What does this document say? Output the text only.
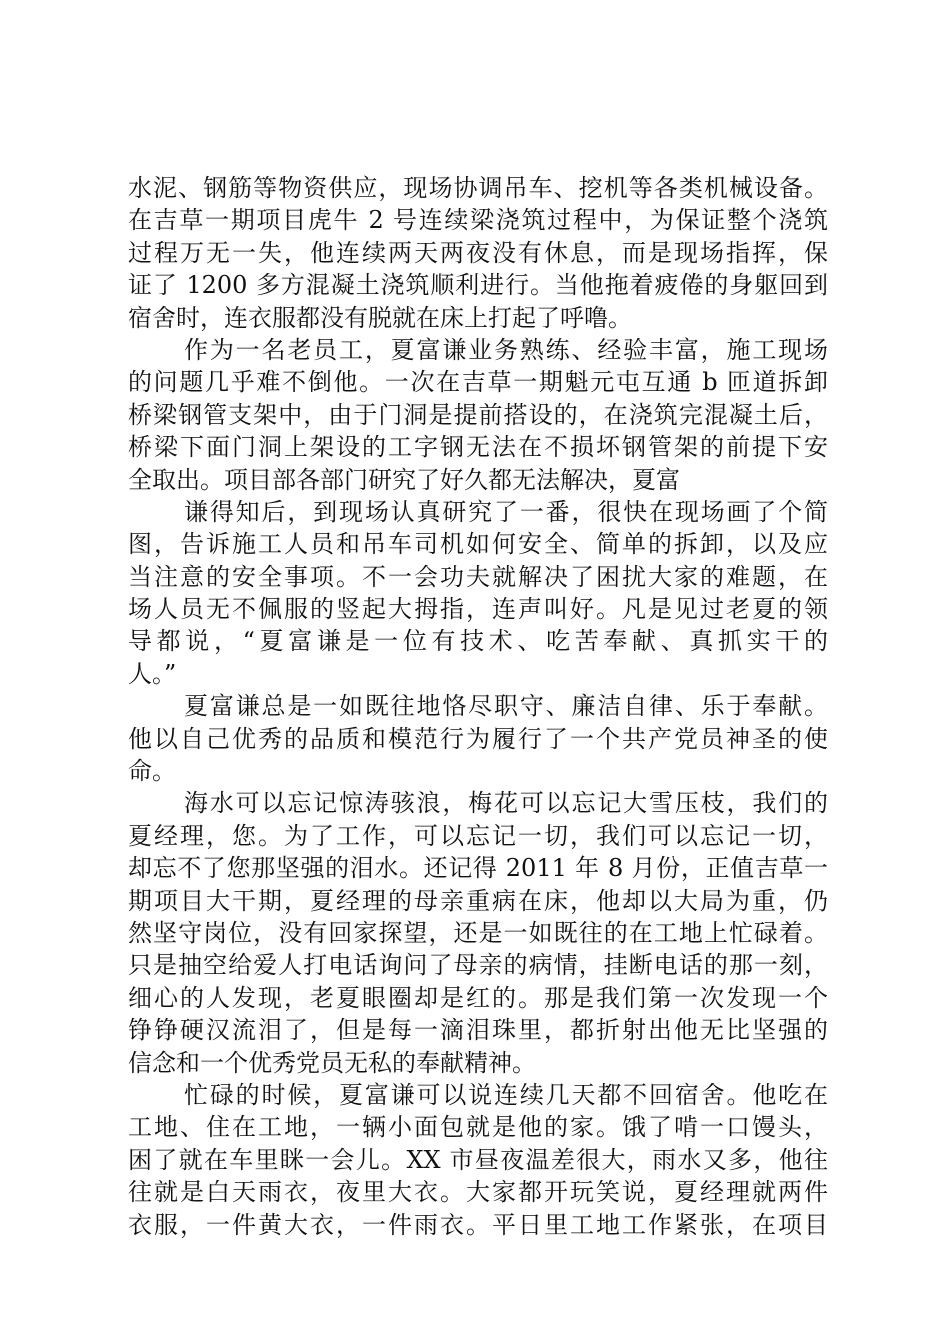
水泥、钢筋等物资供应，现场协调吊车、挖机等各类机械设备。
在吉草一期项目虎牛 2 号连续梁浇筑过程中，为保证整个浇筑
过程万无一失，他连续两天两夜没有休息，而是现场指挥，保
证了 1200 多方混凝土浇筑顺利进行。当他拖着疲倦的身躯回到
宿舍时，连衣服都没有脱就在床上打起了呼噜。
作为一名老员工，夏富谦业务熟练、经验丰富，施工现场
的问题几乎难不倒他。一次在吉草一期魁元屯互通 b 匝道拆卸
桥梁钢管支架中，由于门洞是提前搭设的，在浇筑完混凝土后，
桥梁下面门洞上架设的工字钢无法在不损坏钢管架的前提下安
全取出。项目部各部门研究了好久都无法解决，夏富
谦得知后，到现场认真研究了一番，很快在现场画了个简
图，告诉施工人员和吊车司机如何安全、简单的拆卸，以及应
当注意的安全事项。不一会功夫就解决了困扰大家的难题，在
场人员无不佩服的竖起大拇指，连声叫好。凡是见过老夏的领
导都说，“夏富谦是一位有技术、吃苦奉献、真抓实干的
人。”
夏富谦总是一如既往地恪尽职守、廉洁自律、乐于奉献。
他以自己优秀的品质和模范行为履行了一个共产党员神圣的使
命。
海水可以忘记惊涛骇浪，梅花可以忘记大雪压枝，我们的
夏经理，您。为了工作，可以忘记一切，我们可以忘记一切，
却忘不了您那坚强的泪水。还记得 2011 年 8 月份，正值吉草一
期项目大干期，夏经理的母亲重病在床，他却以大局为重，仍
然坚守岗位，没有回家探望，还是一如既往的在工地上忙碌着。
只是抽空给爱人打电话询问了母亲的病情，挂断电话的那一刻，
细心的人发现，老夏眼圈却是红的。那是我们第一次发现一个
铮铮硬汉流泪了，但是每一滴泪珠里，都折射出他无比坚强的
信念和一个优秀党员无私的奉献精神。
忙碌的时候，夏富谦可以说连续几天都不回宿舍。他吃在
工地、住在工地，一辆小面包就是他的家。饿了啃一口馒头，
困了就在车里眯一会儿。XX 市昼夜温差很大，雨水又多，他往
往就是白天雨衣，夜里大衣。大家都开玩笑说，夏经理就两件
衣服，一件黄大衣，一件雨衣。平日里工地工作紧张，在项目
